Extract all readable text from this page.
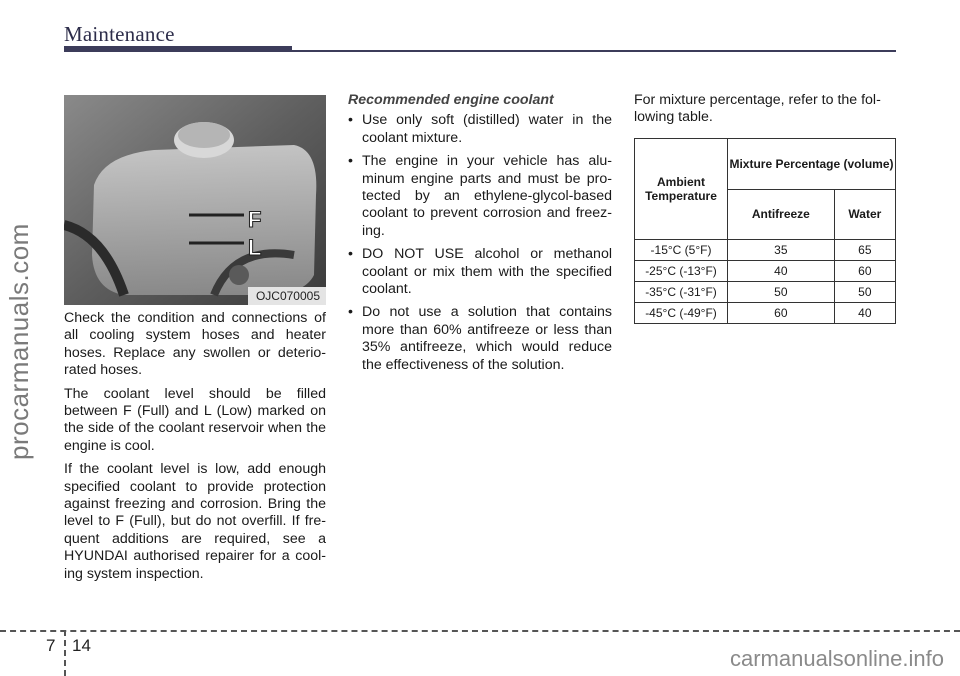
Maintenance
procarmanuals.com
F
L
OJC070005

Check the condition and connections of all cooling system hoses and heater hoses. Replace any swollen or deterio-rated hoses.

The coolant level should be filled between F (Full) and L (Low) marked on the side of the coolant reservoir when the engine is cool.

If the coolant level is low, add enough specified coolant to provide protection against freezing and corrosion. Bring the level to F (Full), but do not overfill. If fre-quent additions are required, see a HYUNDAI authorised repairer for a cool-ing system inspection.

Recommended engine coolant
• Use only soft (distilled) water in the coolant mixture.
• The engine in your vehicle has alu-minum engine parts and must be pro-tected by an ethylene-glycol-based coolant to prevent corrosion and freez-ing.
• DO NOT USE alcohol or methanol coolant or mix them with the specified coolant.
• Do not use a solution that contains more than 60% antifreeze or less than 35% antifreeze, which would reduce the effectiveness of the solution.

For mixture percentage, refer to the fol-lowing table.

Ambient Temperature	Mixture Percentage (volume)	
	Antifreeze	Water
-15°C (5°F)	35	65
-25°C (-13°F)	40	60
-35°C (-31°F)	50	50
-45°C (-49°F)	60	40
7 14
carmanualsonline.info
